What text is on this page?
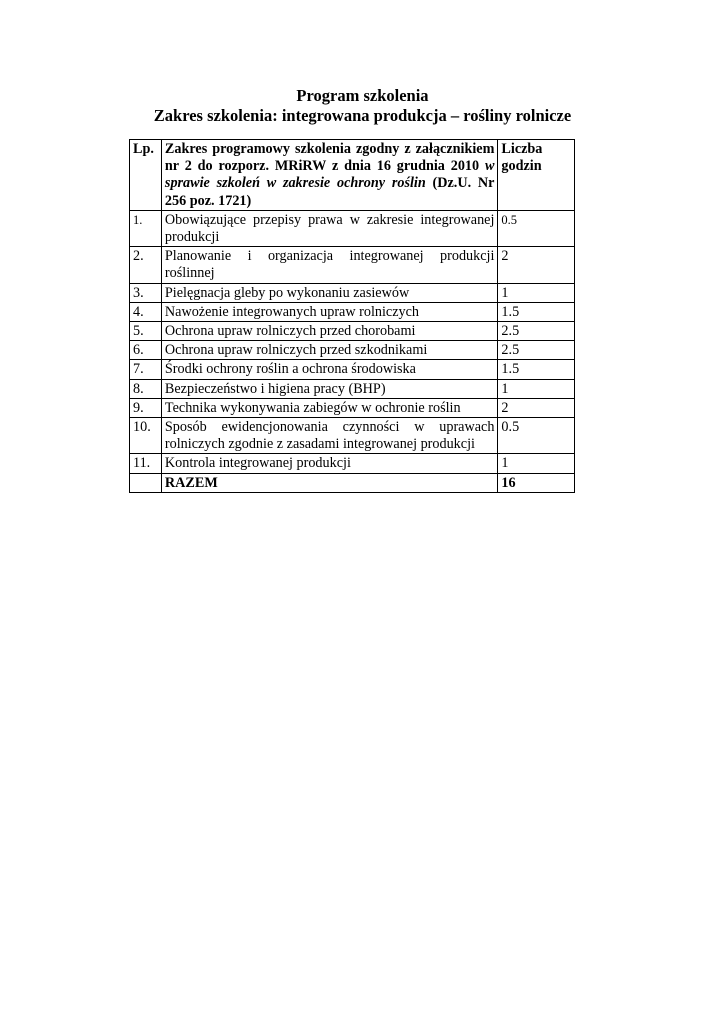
Program szkolenia
Zakres szkolenia: integrowana produkcja – rośliny rolnicze
Lp.	Zakres programowy szkolenia zgodny z załącznikiem nr 2 do rozporz. MRiRW z dnia 16 grudnia 2010 w sprawie szkoleń w zakresie ochrony roślin (Dz.U. Nr 256 poz. 1721)	Liczba godzin
1.	Obowiązujące przepisy prawa w zakresie integrowanej produkcji	0.5
2.	Planowanie i organizacja integrowanej produkcji roślinnej	2
3.	Pielęgnacja gleby po wykonaniu zasiewów	1
4.	Nawożenie integrowanych upraw rolniczych	1.5
5.	Ochrona upraw rolniczych przed chorobami	2.5
6.	Ochrona upraw rolniczych przed szkodnikami	2.5
7.	Środki ochrony roślin a ochrona środowiska	1.5
8.	Bezpieczeństwo i higiena pracy (BHP)	1
9.	Technika wykonywania zabiegów w ochronie roślin	2
10.	Sposób ewidencjonowania czynności w uprawach rolniczych zgodnie z zasadami integrowanej produkcji	0.5
11.	Kontrola integrowanej produkcji	1
	RAZEM	16
